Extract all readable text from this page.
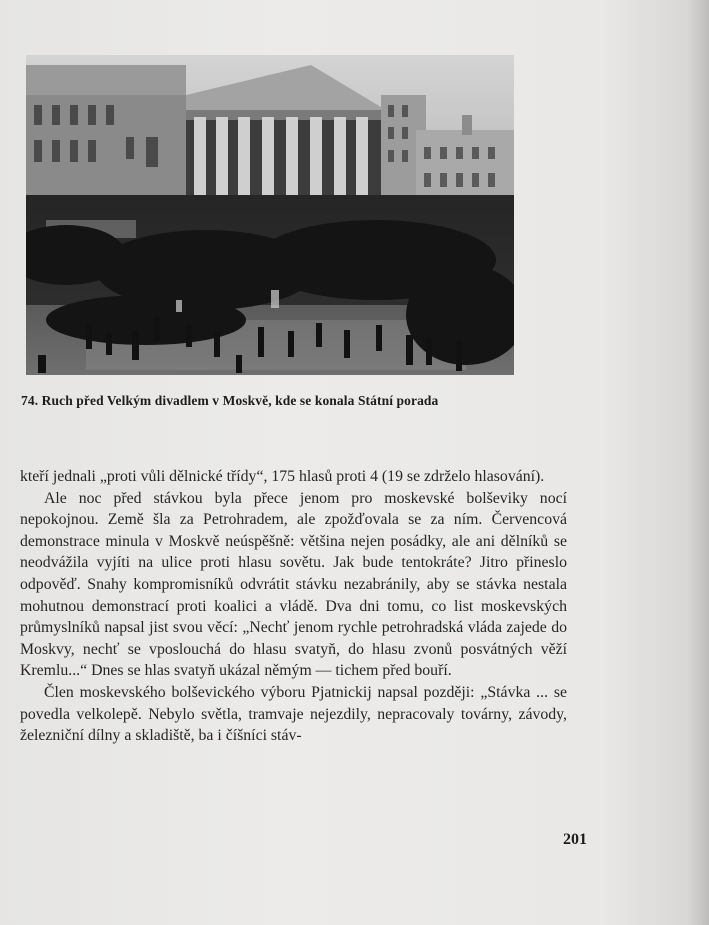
74. Ruch před Velkým divadlem v Moskvě, kde se konala Státní porada

kteří jednali „proti vůli dělnické třídy“, 175 hlasů proti 4 (19 se zdrželo hlasování).

Ale noc před stávkou byla přece jenom pro moskevské bolševiky nocí nepokojnou. Země šla za Petrohradem, ale zpožďovala se za ním. Červencová demonstrace minula v Moskvě neúspěšně: většina nejen posádky, ale ani dělníků se neodvážila vyjíti na ulice proti hlasu sovětu. Jak bude tentokráte? Jitro přineslo odpověď. Snahy kompromisníků odvrátit stávku nezabránily, aby se stávka nestala mohutnou demonstrací proti koalici a vládě. Dva dni tomu, co list moskevských průmyslníků napsal jist svou věcí: „Nechť jenom rychle petrohradská vláda zajede do Moskvy, nechť se vposlouchá do hlasu svatyň, do hlasu zvonů posvátných věží Kremlu...“ Dnes se hlas svatyň ukázal němým — tichem před bouří.

Člen moskevského bolševického výboru Pjatnickij napsal později: „Stávka ... se povedla velkolepě. Nebylo světla, tramvaje nejezdily, nepracovaly továrny, závody, železniční dílny a skladiště, ba i číšníci stáv-

201
